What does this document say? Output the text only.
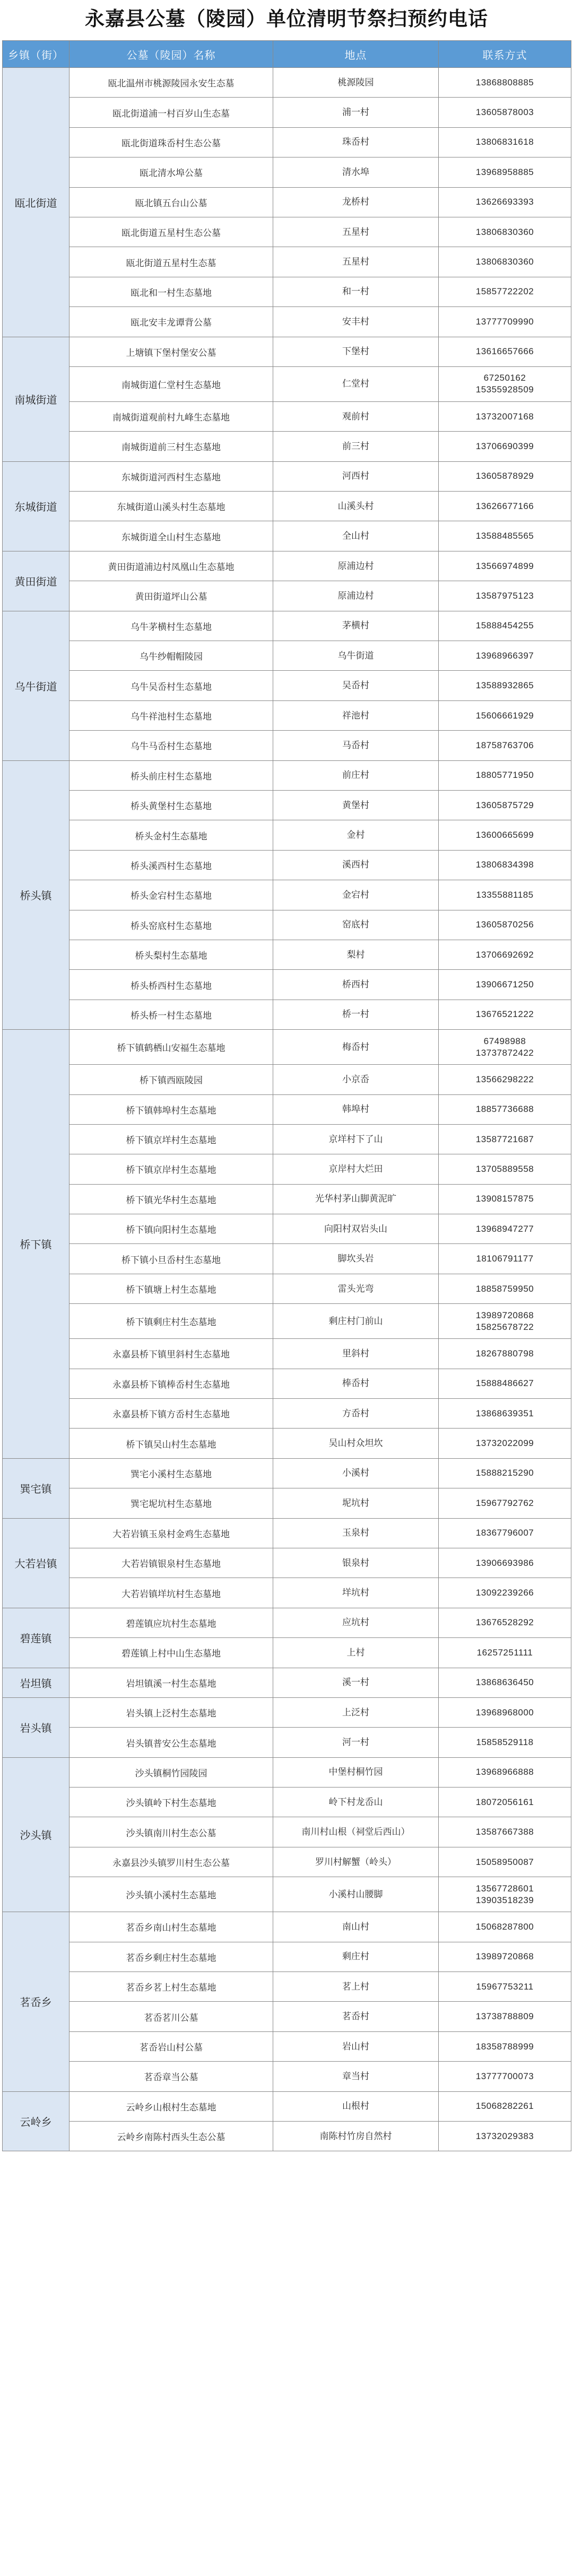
永嘉县公墓（陵园）单位清明节祭扫预约电话
乡镇（街）	公墓（陵园）名称	地点	联系方式
瓯北街道	瓯北温州市桃源陵园永安生态墓	桃源陵园	13868808885
	瓯北街道浦一村百岁山生态墓	浦一村	13605878003
	瓯北街道珠岙村生态公墓	珠岙村	13806831618
	瓯北清水埠公墓	清水埠	13968958885
	瓯北镇五台山公墓	龙桥村	13626693393
	瓯北街道五星村生态公墓	五星村	13806830360
	瓯北街道五星村生态墓	五星村	13806830360
	瓯北和一村生态墓地	和一村	15857722202
	瓯北安丰龙谭背公墓	安丰村	13777709990
南城街道	上塘镇下堡村堡安公墓	下堡村	13616657666
	南城街道仁堂村生态墓地	仁堂村	67250162
15355928509
	南城街道观前村九峰生态墓地	观前村	13732007168
	南城街道前三村生态墓地	前三村	13706690399
东城街道	东城街道河西村生态墓地	河西村	13605878929
	东城街道山溪头村生态墓地	山溪头村	13626677166
	东城街道全山村生态墓地	全山村	13588485565
黄田街道	黄田街道浦边村凤凰山生态墓地	原浦边村	13566974899
	黄田街道坪山公墓	原浦边村	13587975123
乌牛街道	乌牛茅横村生态墓地	茅横村	15888454255
	乌牛纱帽帽陵园	乌牛街道	13968966397
	乌牛吴岙村生态墓地	吴岙村	13588932865
	乌牛祥池村生态墓地	祥池村	15606661929
	乌牛马岙村生态墓地	马岙村	18758763706
桥头镇	桥头前庄村生态墓地	前庄村	18805771950
	桥头黄堡村生态墓地	黄堡村	13605875729
	桥头金村生态墓地	金村	13600665699
	桥头溪西村生态墓地	溪西村	13806834398
	桥头金宕村生态墓地	金宕村	13355881185
	桥头窑底村生态墓地	窑底村	13605870256
	桥头梨村生态墓地	梨村	13706692692
	桥头桥西村生态墓地	桥西村	13906671250
	桥头桥一村生态墓地	桥一村	13676521222
桥下镇	桥下镇鹤栖山安福生态墓地	梅岙村	67498988
13737872422
	桥下镇西瓯陵园	小京岙	13566298222
	桥下镇韩埠村生态墓地	韩埠村	18857736688
	桥下镇京垟村生态墓地	京垟村下了山	13587721687
	桥下镇京岸村生态墓地	京岸村大烂田	13705889558
	桥下镇光华村生态墓地	光华村茅山脚黄泥旷	13908157875
	桥下镇向阳村生态墓地	向阳村双岩头山	13968947277
	桥下镇小旦岙村生态墓地	脚坎头岩	18106791177
	桥下镇塘上村生态墓地	雷头光弯	18858759950
	桥下镇剩庄村生态墓地	剩庄村门前山	13989720868
15825678722
	永嘉县桥下镇里斜村生态墓地	里斜村	18267880798
	永嘉县桥下镇棒岙村生态墓地	棒岙村	15888486627
	永嘉县桥下镇方岙村生态墓地	方岙村	13868639351
	桥下镇吴山村生态墓地	吴山村众坦坎	13732022099
巽宅镇	巽宅小溪村生态墓地	小溪村	15888215290
	巽宅坭坑村生态墓地	坭坑村	15967792762
大若岩镇	大若岩镇玉泉村金鸡生态墓地	玉泉村	18367796007
	大若岩镇银泉村生态墓地	银泉村	13906693986
	大若岩镇垟坑村生态墓地	垟坑村	13092239266
碧莲镇	碧莲镇应坑村生态墓地	应坑村	13676528292
	碧莲镇上村中山生态墓地	上村	16257251111
岩坦镇	岩坦镇溪一村生态墓地	溪一村	13868636450
岩头镇	岩头镇上泛村生态墓地	上泛村	13968968000
	岩头镇普安公生态墓地	河一村	15858529118
沙头镇	沙头镇桐竹园陵园	中堡村桐竹园	13968966888
	沙头镇岭下村生态墓地	岭下村龙岙山	18072056161
	沙头镇南川村生态公墓	南川村山根（祠堂后西山）	13587667388
	永嘉县沙头镇罗川村生态公墓	罗川村解蟹（岭头）	15058950087
	沙头镇小溪村生态墓地	小溪村山腰脚	13567728601
13903518239
茗岙乡	茗岙乡南山村生态墓地	南山村	15068287800
	茗岙乡剩庄村生态墓地	剩庄村	13989720868
	茗岙乡茗上村生态墓地	茗上村	15967753211
	茗岙茗川公墓	茗岙村	13738788809
	茗岙岩山村公墓	岩山村	18358788999
	茗岙章当公墓	章当村	13777700073
云岭乡	云岭乡山根村生态墓地	山根村	15068282261
	云岭乡南陈村西头生态公墓	南陈村竹房自然村	13732029383
